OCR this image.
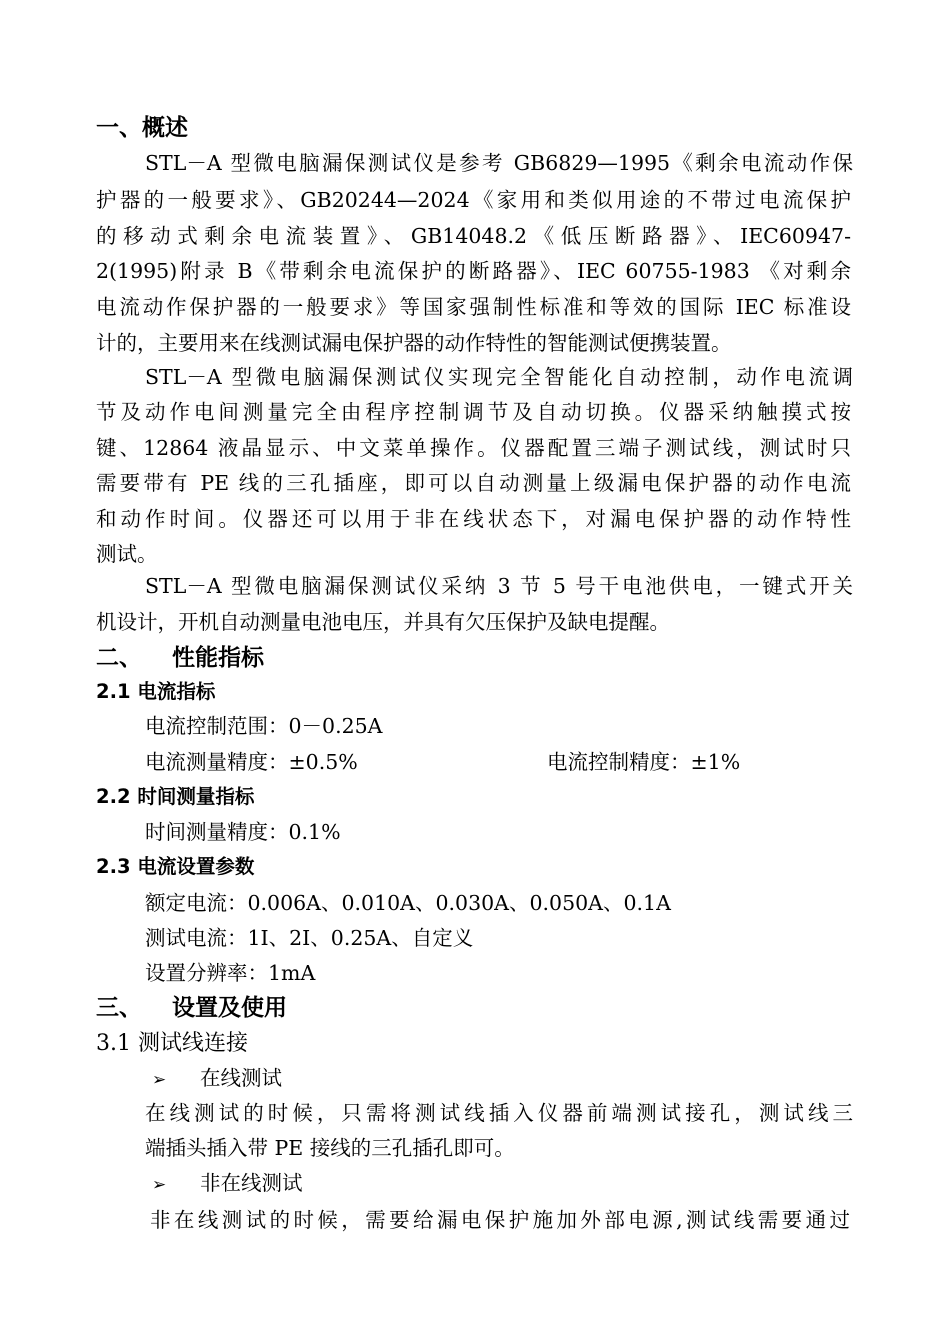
一、概述
STL－A 型微电脑漏保测试仪是参考 GB6829—1995《剩余电流动作保
护器的一般要求》、GB20244—2024《家用和类似用途的不带过电流保护
的移动式剩余电流装置》、GB14048.2《低压断路器》、IEC60947-
2(1995)附录 B《带剩余电流保护的断路器》、IEC 60755-1983 《对剩余
电流动作保护器的一般要求》等国家强制性标准和等效的国际 IEC 标准设
计的，主要用来在线测试漏电保护器的动作特性的智能测试便携装置。
STL－A 型微电脑漏保测试仪实现完全智能化自动控制，动作电流调
节及动作电间测量完全由程序控制调节及自动切换。仪器采纳触摸式按
键、12864 液晶显示、中文菜单操作。仪器配置三端子测试线，测试时只
需要带有 PE 线的三孔插座，即可以自动测量上级漏电保护器的动作电流
和动作时间。仪器还可以用于非在线状态下，对漏电保护器的动作特性
测试。
STL－A 型微电脑漏保测试仪采纳 3 节 5 号干电池供电，一键式开关
机设计，开机自动测量电池电压，并具有欠压保护及缺电提醒。
二、 性能指标
2.1 电流指标
电流控制范围：0－0.25A
电流测量精度：±0.5%	电流控制精度：±1%
2.2 时间测量指标
时间测量精度：0.1%
2.3 电流设置参数
额定电流：0.006A、0.010A、0.030A、0.050A、0.1A
测试电流：1I、2I、0.25A、自定义
设置分辨率：1mA
三、 设置及使用
3.1 测试线连接
➢ 在线测试
在线测试的时候，只需将测试线插入仪器前端测试接孔，测试线三
端插头插入带 PE 接线的三孔插孔即可。
➢ 非在线测试
非在线测试的时候，需要给漏电保护施加外部电源,测试线需要通过
